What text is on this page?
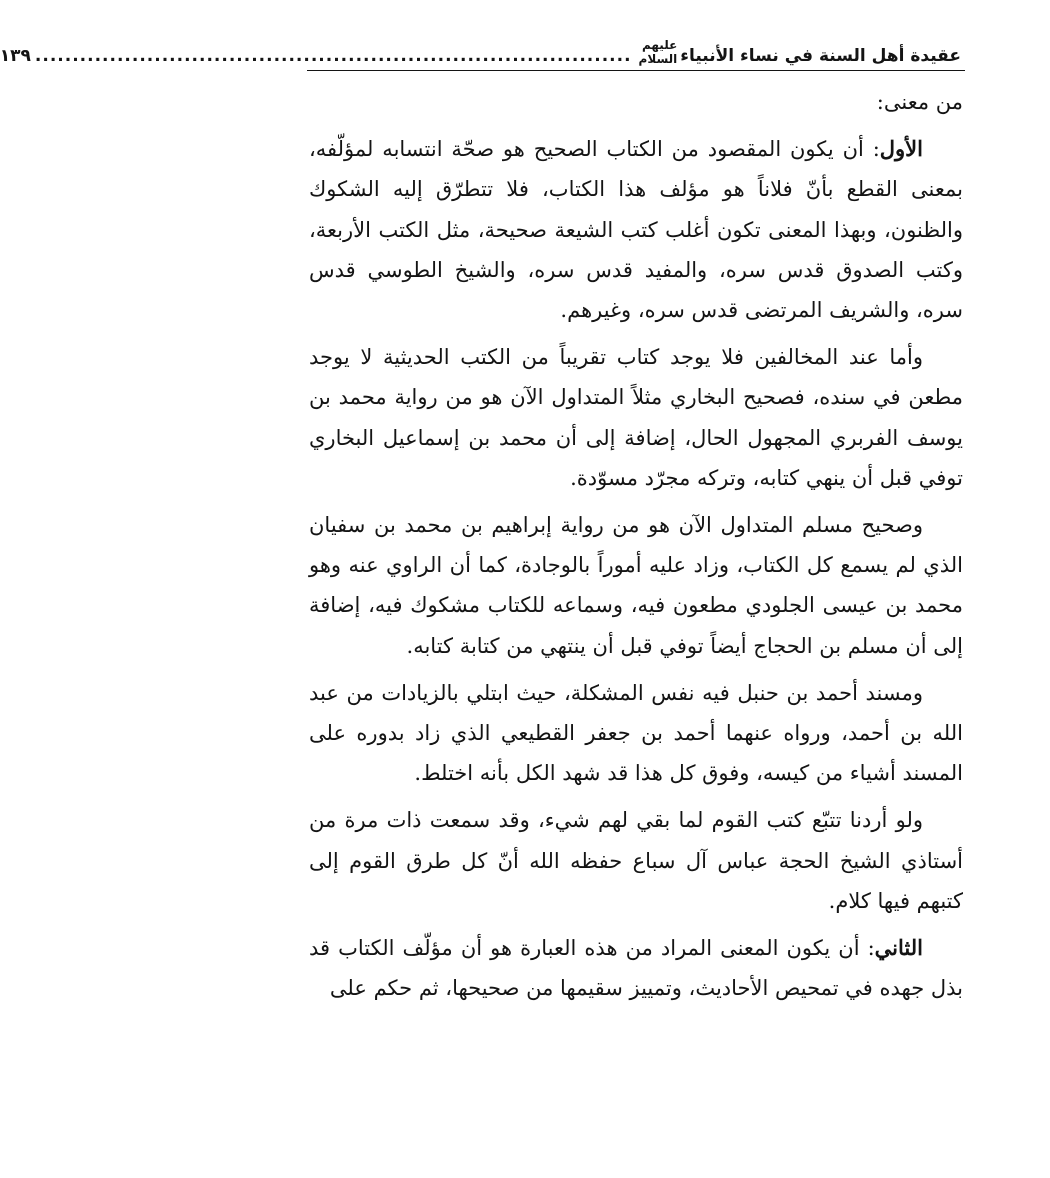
عقيدة أهل السنة في نساء الأنبياء
عليهم السلام
................................................................................
١٣٩

من معنى:

الأول: أن يكون المقصود من الكتاب الصحيح هو صحّة انتسابه لمؤلّفه، بمعنى القطع بأنّ فلاناً هو مؤلف هذا الكتاب، فلا تتطرّق إليه الشكوك والظنون، وبهذا المعنى تكون أغلب كتب الشيعة صحيحة، مثل الكتب الأربعة، وكتب الصدوق قدس سره، والمفيد قدس سره، والشيخ الطوسي قدس سره، والشريف المرتضى قدس سره، وغيرهم.

وأما عند المخالفين فلا يوجد كتاب تقريباً من الكتب الحديثية لا يوجد مطعن في سنده، فصحيح البخاري مثلاً المتداول الآن هو من رواية محمد بن يوسف الفربري المجهول الحال، إضافة إلى أن محمد بن إسماعيل البخاري توفي قبل أن ينهي كتابه، وتركه مجرّد مسوّدة.

وصحيح مسلم المتداول الآن هو من رواية إبراهيم بن محمد بن سفيان الذي لم يسمع كل الكتاب، وزاد عليه أموراً بالوجادة، كما أن الراوي عنه وهو محمد بن عيسى الجلودي مطعون فيه، وسماعه للكتاب مشكوك فيه، إضافة إلى أن مسلم بن الحجاج أيضاً توفي قبل أن ينتهي من كتابة كتابه.

ومسند أحمد بن حنبل فيه نفس المشكلة، حيث ابتلي بالزيادات من عبد الله بن أحمد، ورواه عنهما أحمد بن جعفر القطيعي الذي زاد بدوره على المسند أشياء من كيسه، وفوق كل هذا قد شهد الكل بأنه اختلط.

ولو أردنا تتبّع كتب القوم لما بقي لهم شيء، وقد سمعت ذات مرة من أستاذي الشيخ الحجة عباس آل سباع حفظه الله أنّ كل طرق القوم إلى كتبهم فيها كلام.

الثاني: أن يكون المعنى المراد من هذه العبارة هو أن مؤلّف الكتاب قد بذل جهده في تمحيص الأحاديث، وتمييز سقيمها من صحيحها، ثم حكم على
